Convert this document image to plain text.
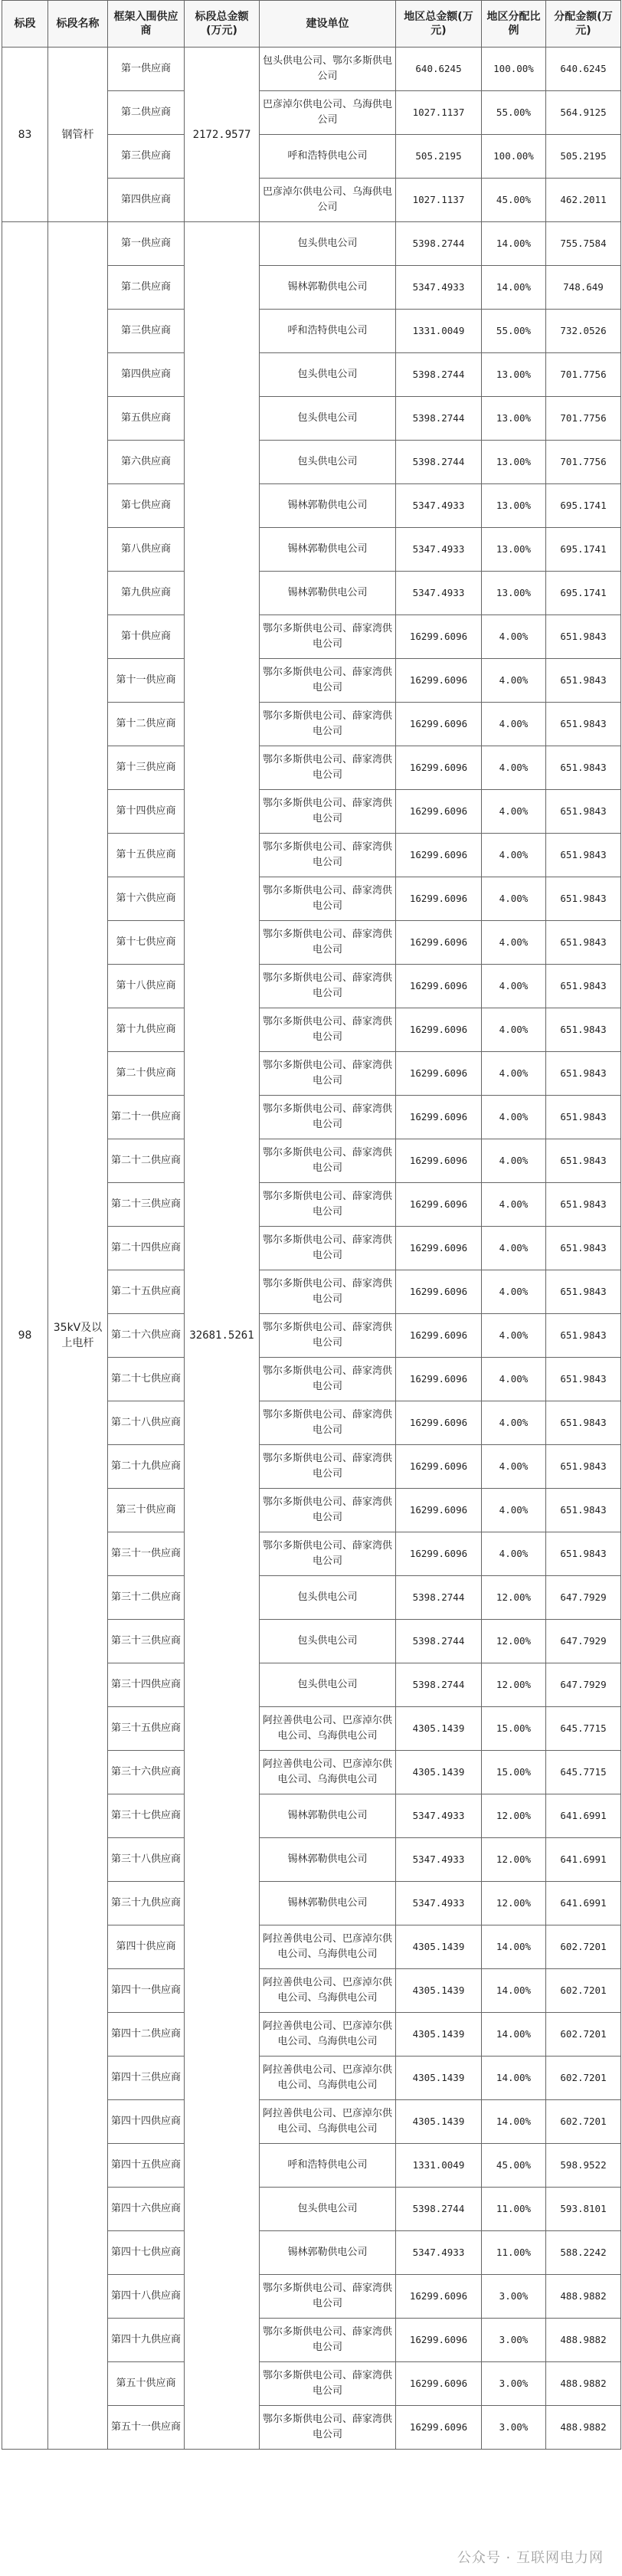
标段	标段名称	框架入围供应商	标段总金额(万元)	建设单位	地区总金额(万元)	地区分配比例	分配金额(万元)
83	钢管杆	第一供应商	2172.9577	包头供电公司、鄂尔多斯供电公司	640.6245	100.00%	640.6245
		第二供应商		巴彦淖尔供电公司、乌海供电公司	1027.1137	55.00%	564.9125
		第三供应商		呼和浩特供电公司	505.2195	100.00%	505.2195
		第四供应商		巴彦淖尔供电公司、乌海供电公司	1027.1137	45.00%	462.2011
98	35kV及以上电杆	第一供应商	32681.5261	包头供电公司	5398.2744	14.00%	755.7584
		第二供应商		锡林郭勒供电公司	5347.4933	14.00%	748.649
		第三供应商		呼和浩特供电公司	1331.0049	55.00%	732.0526
		第四供应商		包头供电公司	5398.2744	13.00%	701.7756
		第五供应商		包头供电公司	5398.2744	13.00%	701.7756
		第六供应商		包头供电公司	5398.2744	13.00%	701.7756
		第七供应商		锡林郭勒供电公司	5347.4933	13.00%	695.1741
		第八供应商		锡林郭勒供电公司	5347.4933	13.00%	695.1741
		第九供应商		锡林郭勒供电公司	5347.4933	13.00%	695.1741
		第十供应商		鄂尔多斯供电公司、薛家湾供电公司	16299.6096	4.00%	651.9843
		第十一供应商		鄂尔多斯供电公司、薛家湾供电公司	16299.6096	4.00%	651.9843
		第十二供应商		鄂尔多斯供电公司、薛家湾供电公司	16299.6096	4.00%	651.9843
		第十三供应商		鄂尔多斯供电公司、薛家湾供电公司	16299.6096	4.00%	651.9843
		第十四供应商		鄂尔多斯供电公司、薛家湾供电公司	16299.6096	4.00%	651.9843
		第十五供应商		鄂尔多斯供电公司、薛家湾供电公司	16299.6096	4.00%	651.9843
		第十六供应商		鄂尔多斯供电公司、薛家湾供电公司	16299.6096	4.00%	651.9843
		第十七供应商		鄂尔多斯供电公司、薛家湾供电公司	16299.6096	4.00%	651.9843
		第十八供应商		鄂尔多斯供电公司、薛家湾供电公司	16299.6096	4.00%	651.9843
		第十九供应商		鄂尔多斯供电公司、薛家湾供电公司	16299.6096	4.00%	651.9843
		第二十供应商		鄂尔多斯供电公司、薛家湾供电公司	16299.6096	4.00%	651.9843
		第二十一供应商		鄂尔多斯供电公司、薛家湾供电公司	16299.6096	4.00%	651.9843
		第二十二供应商		鄂尔多斯供电公司、薛家湾供电公司	16299.6096	4.00%	651.9843
		第二十三供应商		鄂尔多斯供电公司、薛家湾供电公司	16299.6096	4.00%	651.9843
		第二十四供应商		鄂尔多斯供电公司、薛家湾供电公司	16299.6096	4.00%	651.9843
		第二十五供应商		鄂尔多斯供电公司、薛家湾供电公司	16299.6096	4.00%	651.9843
		第二十六供应商		鄂尔多斯供电公司、薛家湾供电公司	16299.6096	4.00%	651.9843
		第二十七供应商		鄂尔多斯供电公司、薛家湾供电公司	16299.6096	4.00%	651.9843
		第二十八供应商		鄂尔多斯供电公司、薛家湾供电公司	16299.6096	4.00%	651.9843
		第二十九供应商		鄂尔多斯供电公司、薛家湾供电公司	16299.6096	4.00%	651.9843
		第三十供应商		鄂尔多斯供电公司、薛家湾供电公司	16299.6096	4.00%	651.9843
		第三十一供应商		鄂尔多斯供电公司、薛家湾供电公司	16299.6096	4.00%	651.9843
		第三十二供应商		包头供电公司	5398.2744	12.00%	647.7929
		第三十三供应商		包头供电公司	5398.2744	12.00%	647.7929
		第三十四供应商		包头供电公司	5398.2744	12.00%	647.7929
		第三十五供应商		阿拉善供电公司、巴彦淖尔供电公司、乌海供电公司	4305.1439	15.00%	645.7715
		第三十六供应商		阿拉善供电公司、巴彦淖尔供电公司、乌海供电公司	4305.1439	15.00%	645.7715
		第三十七供应商		锡林郭勒供电公司	5347.4933	12.00%	641.6991
		第三十八供应商		锡林郭勒供电公司	5347.4933	12.00%	641.6991
		第三十九供应商		锡林郭勒供电公司	5347.4933	12.00%	641.6991
		第四十供应商		阿拉善供电公司、巴彦淖尔供电公司、乌海供电公司	4305.1439	14.00%	602.7201
		第四十一供应商		阿拉善供电公司、巴彦淖尔供电公司、乌海供电公司	4305.1439	14.00%	602.7201
		第四十二供应商		阿拉善供电公司、巴彦淖尔供电公司、乌海供电公司	4305.1439	14.00%	602.7201
		第四十三供应商		阿拉善供电公司、巴彦淖尔供电公司、乌海供电公司	4305.1439	14.00%	602.7201
		第四十四供应商		阿拉善供电公司、巴彦淖尔供电公司、乌海供电公司	4305.1439	14.00%	602.7201
		第四十五供应商		呼和浩特供电公司	1331.0049	45.00%	598.9522
		第四十六供应商		包头供电公司	5398.2744	11.00%	593.8101
		第四十七供应商		锡林郭勒供电公司	5347.4933	11.00%	588.2242
		第四十八供应商		鄂尔多斯供电公司、薛家湾供电公司	16299.6096	3.00%	488.9882
		第四十九供应商		鄂尔多斯供电公司、薛家湾供电公司	16299.6096	3.00%	488.9882
		第五十供应商		鄂尔多斯供电公司、薛家湾供电公司	16299.6096	3.00%	488.9882
		第五十一供应商		鄂尔多斯供电公司、薛家湾供电公司	16299.6096	3.00%	488.9882
公众号 · 互联网电力网
